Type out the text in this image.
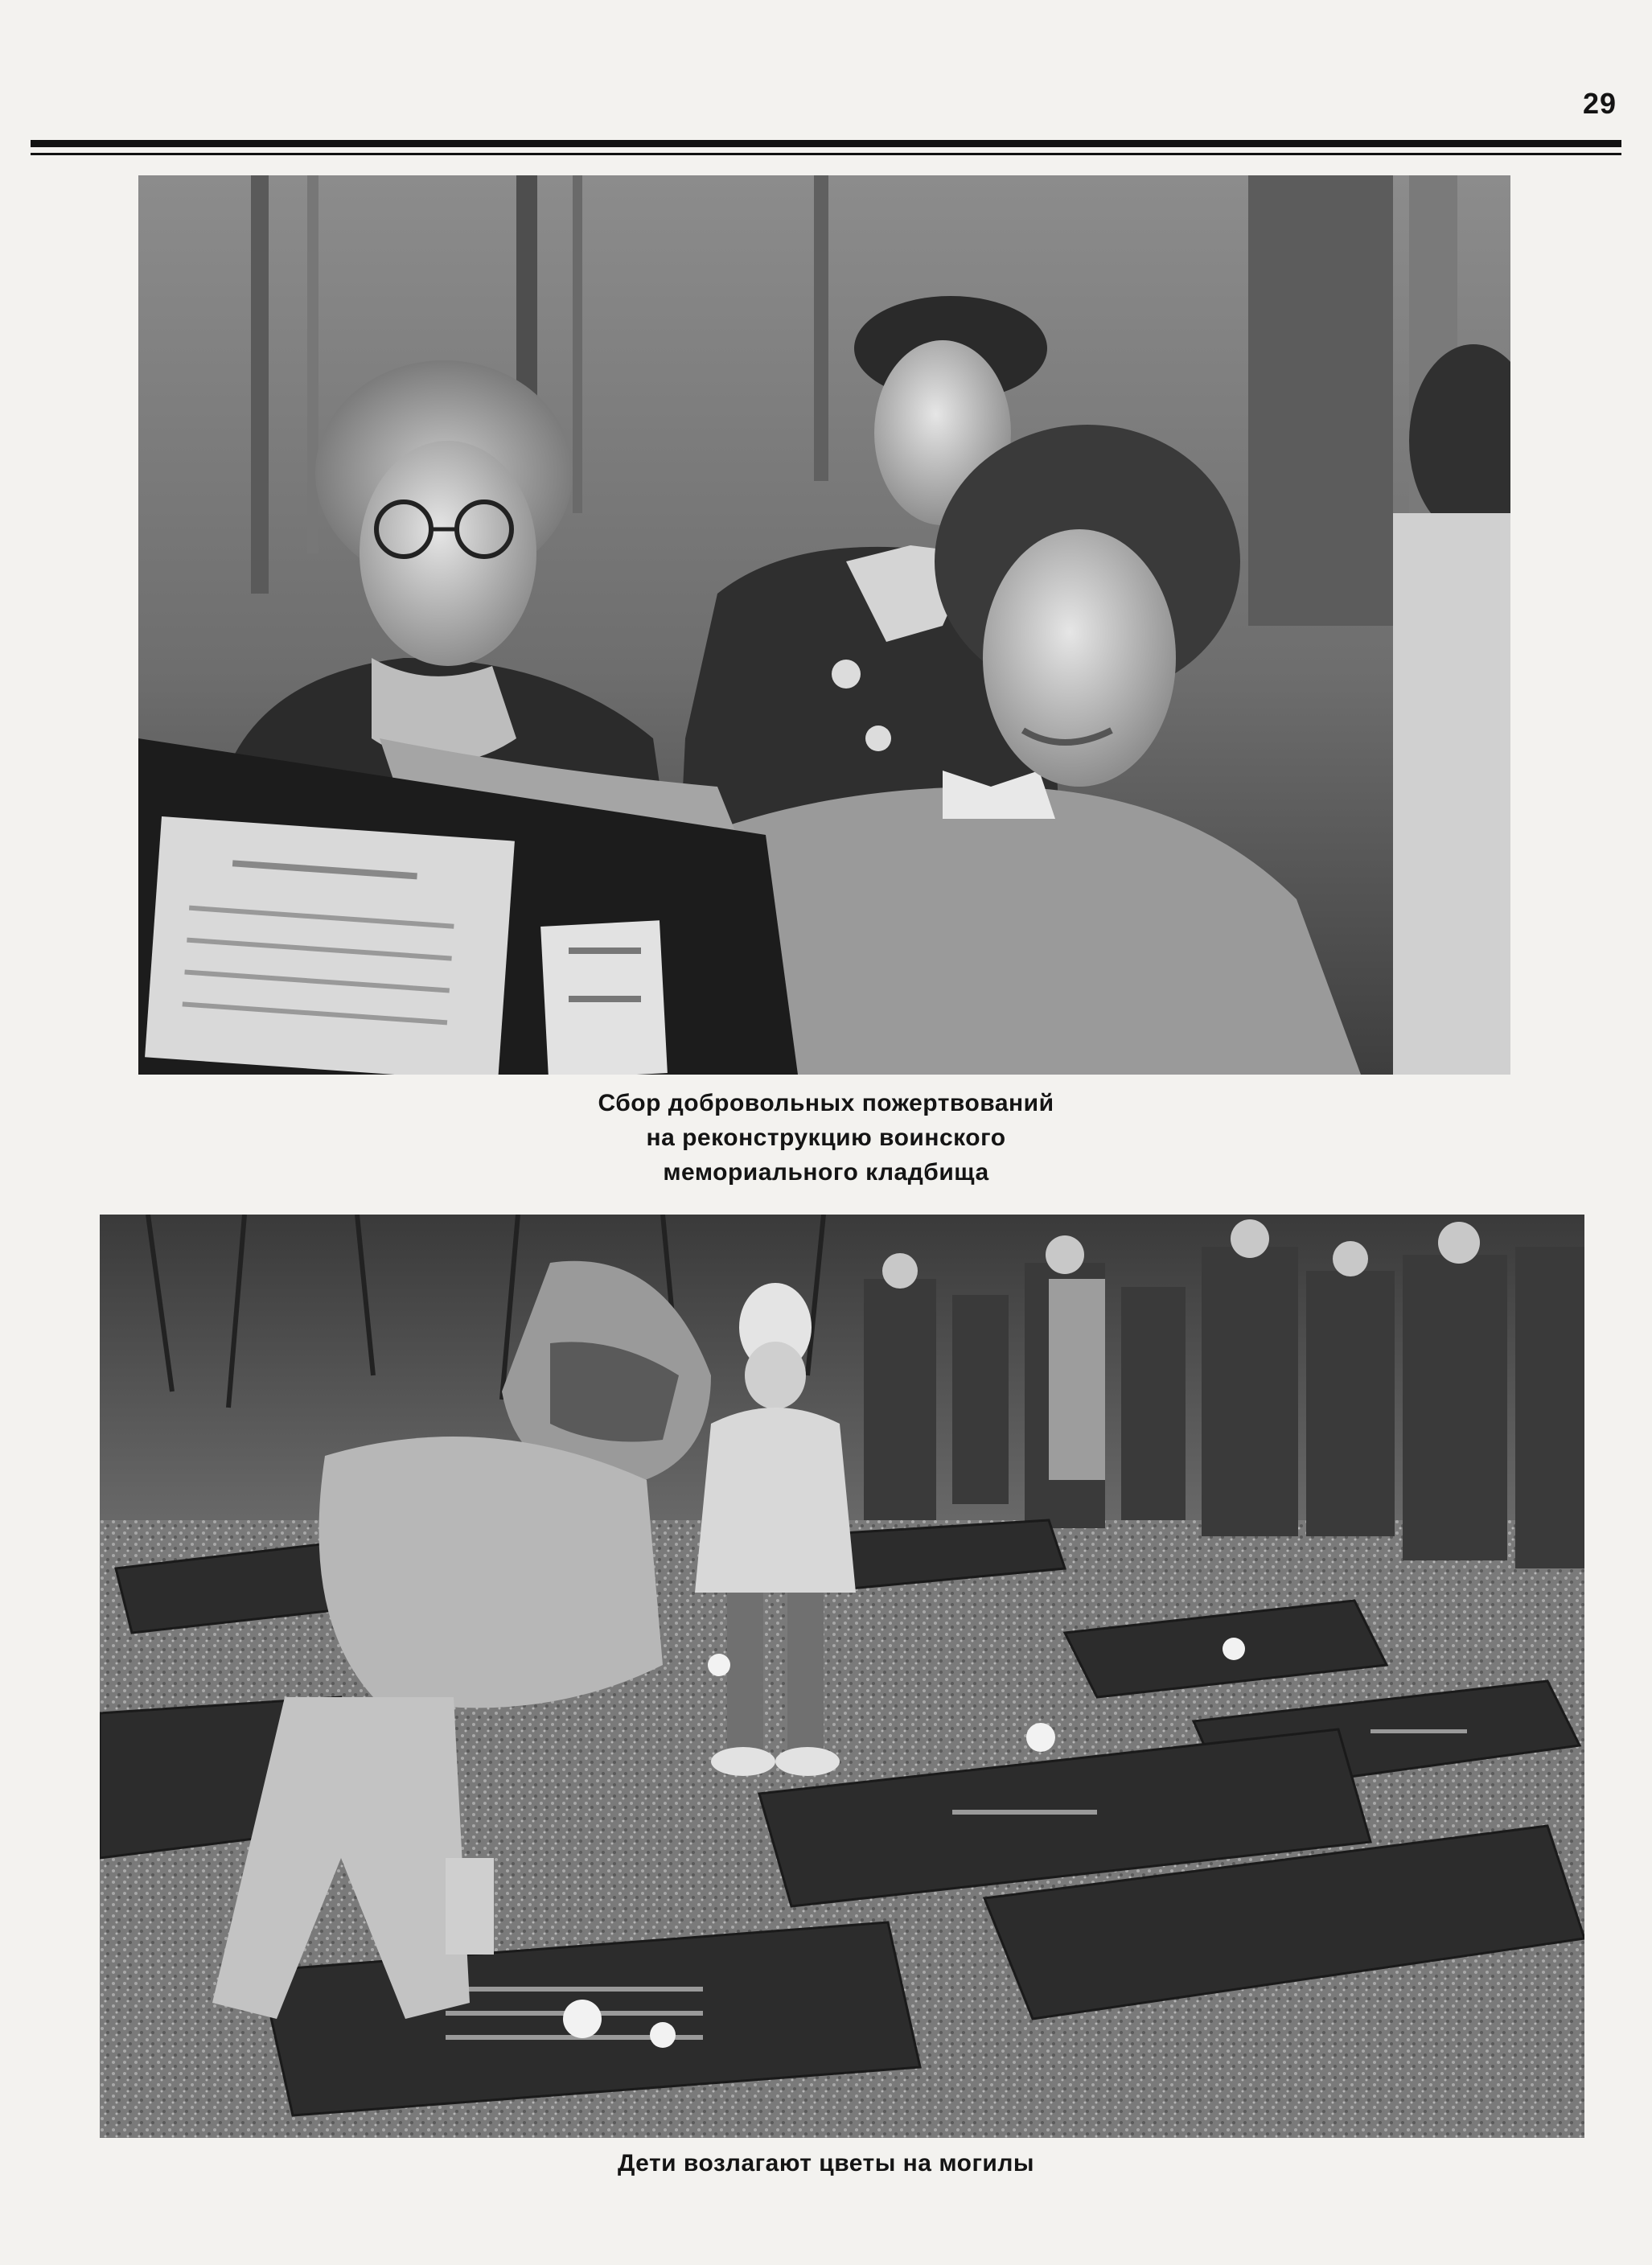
29
Сбор добровольных пожертвований
на реконструкцию воинского
мемориального кладбища
Дети возлагают цветы на могилы
